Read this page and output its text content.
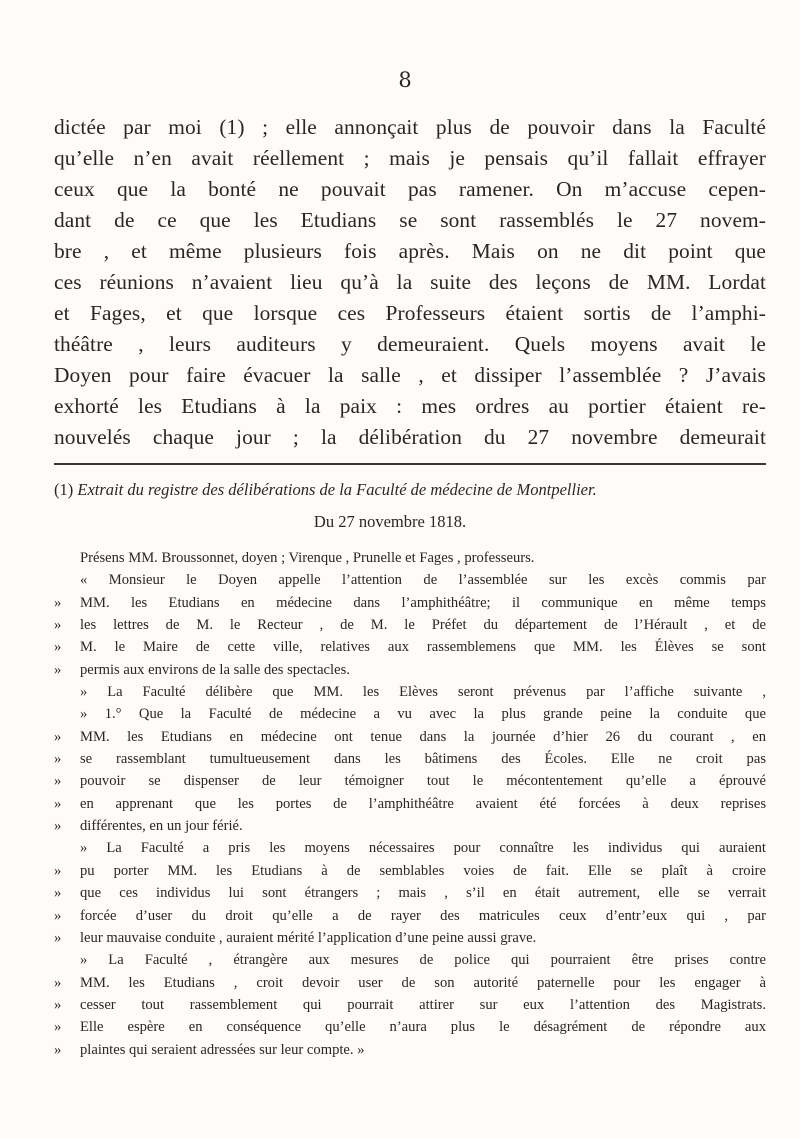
8
dictée par moi (1) ; elle annonçait plus de pouvoir dans la Faculté
qu’elle n’en avait réellement ; mais je pensais qu’il fallait effrayer
ceux que la bonté ne pouvait pas ramener. On m’accuse cepen-
dant de ce que les Etudians se sont rassemblés le 27 novem-
bre , et même plusieurs fois après. Mais on ne dit point que
ces réunions n’avaient lieu qu’à la suite des leçons de MM. Lordat
et Fages, et que lorsque ces Professeurs étaient sortis de l’amphi-
théâtre , leurs auditeurs y demeuraient. Quels moyens avait le
Doyen pour faire évacuer la salle , et dissiper l’assemblée ? J’avais
exhorté les Etudians à la paix : mes ordres au portier étaient re-
nouvelés chaque jour ; la délibération du 27 novembre demeurait
(1) Extrait du registre des délibérations de la Faculté de médecine de Montpellier.
Du 27 novembre 1818.
Présens MM. Broussonnet, doyen ; Virenque , Prunelle et Fages , professeurs.
« Monsieur le Doyen appelle l’attention de l’assemblée sur les excès commis par
» MM. les Etudians en médecine dans l’amphithéâtre; il communique en même temps
» les lettres de M. le Recteur , de M. le Préfet du département de l’Hérault , et de
» M. le Maire de cette ville, relatives aux rassemblemens que MM. les Élèves se sont
» permis aux environs de la salle des spectacles.
» La Faculté délibère que MM. les Elèves seront prévenus par l’affiche suivante ,
» 1.° Que la Faculté de médecine a vu avec la plus grande peine la conduite que
» MM. les Etudians en médecine ont tenue dans la journée d’hier 26 du courant , en
» se rassemblant tumultueusement dans les bâtimens des Écoles. Elle ne croit pas
» pouvoir se dispenser de leur témoigner tout le mécontentement qu’elle a éprouvé
» en apprenant que les portes de l’amphithéâtre avaient été forcées à deux reprises
» différentes, en un jour férié.
» La Faculté a pris les moyens nécessaires pour connaître les individus qui auraient
» pu porter MM. les Etudians à de semblables voies de fait. Elle se plaît à croire
» que ces individus lui sont étrangers ; mais , s’il en était autrement, elle se verrait
» forcée d’user du droit qu’elle a de rayer des matricules ceux d’entr’eux qui , par
» leur mauvaise conduite , auraient mérité l’application d’une peine aussi grave.
» La Faculté , étrangère aux mesures de police qui pourraient être prises contre
» MM. les Etudians , croit devoir user de son autorité paternelle pour les engager à
» cesser tout rassemblement qui pourrait attirer sur eux l’attention des Magistrats.
» Elle espère en conséquence qu’elle n’aura plus le désagrément de répondre aux
» plaintes qui seraient adressées sur leur compte. »
